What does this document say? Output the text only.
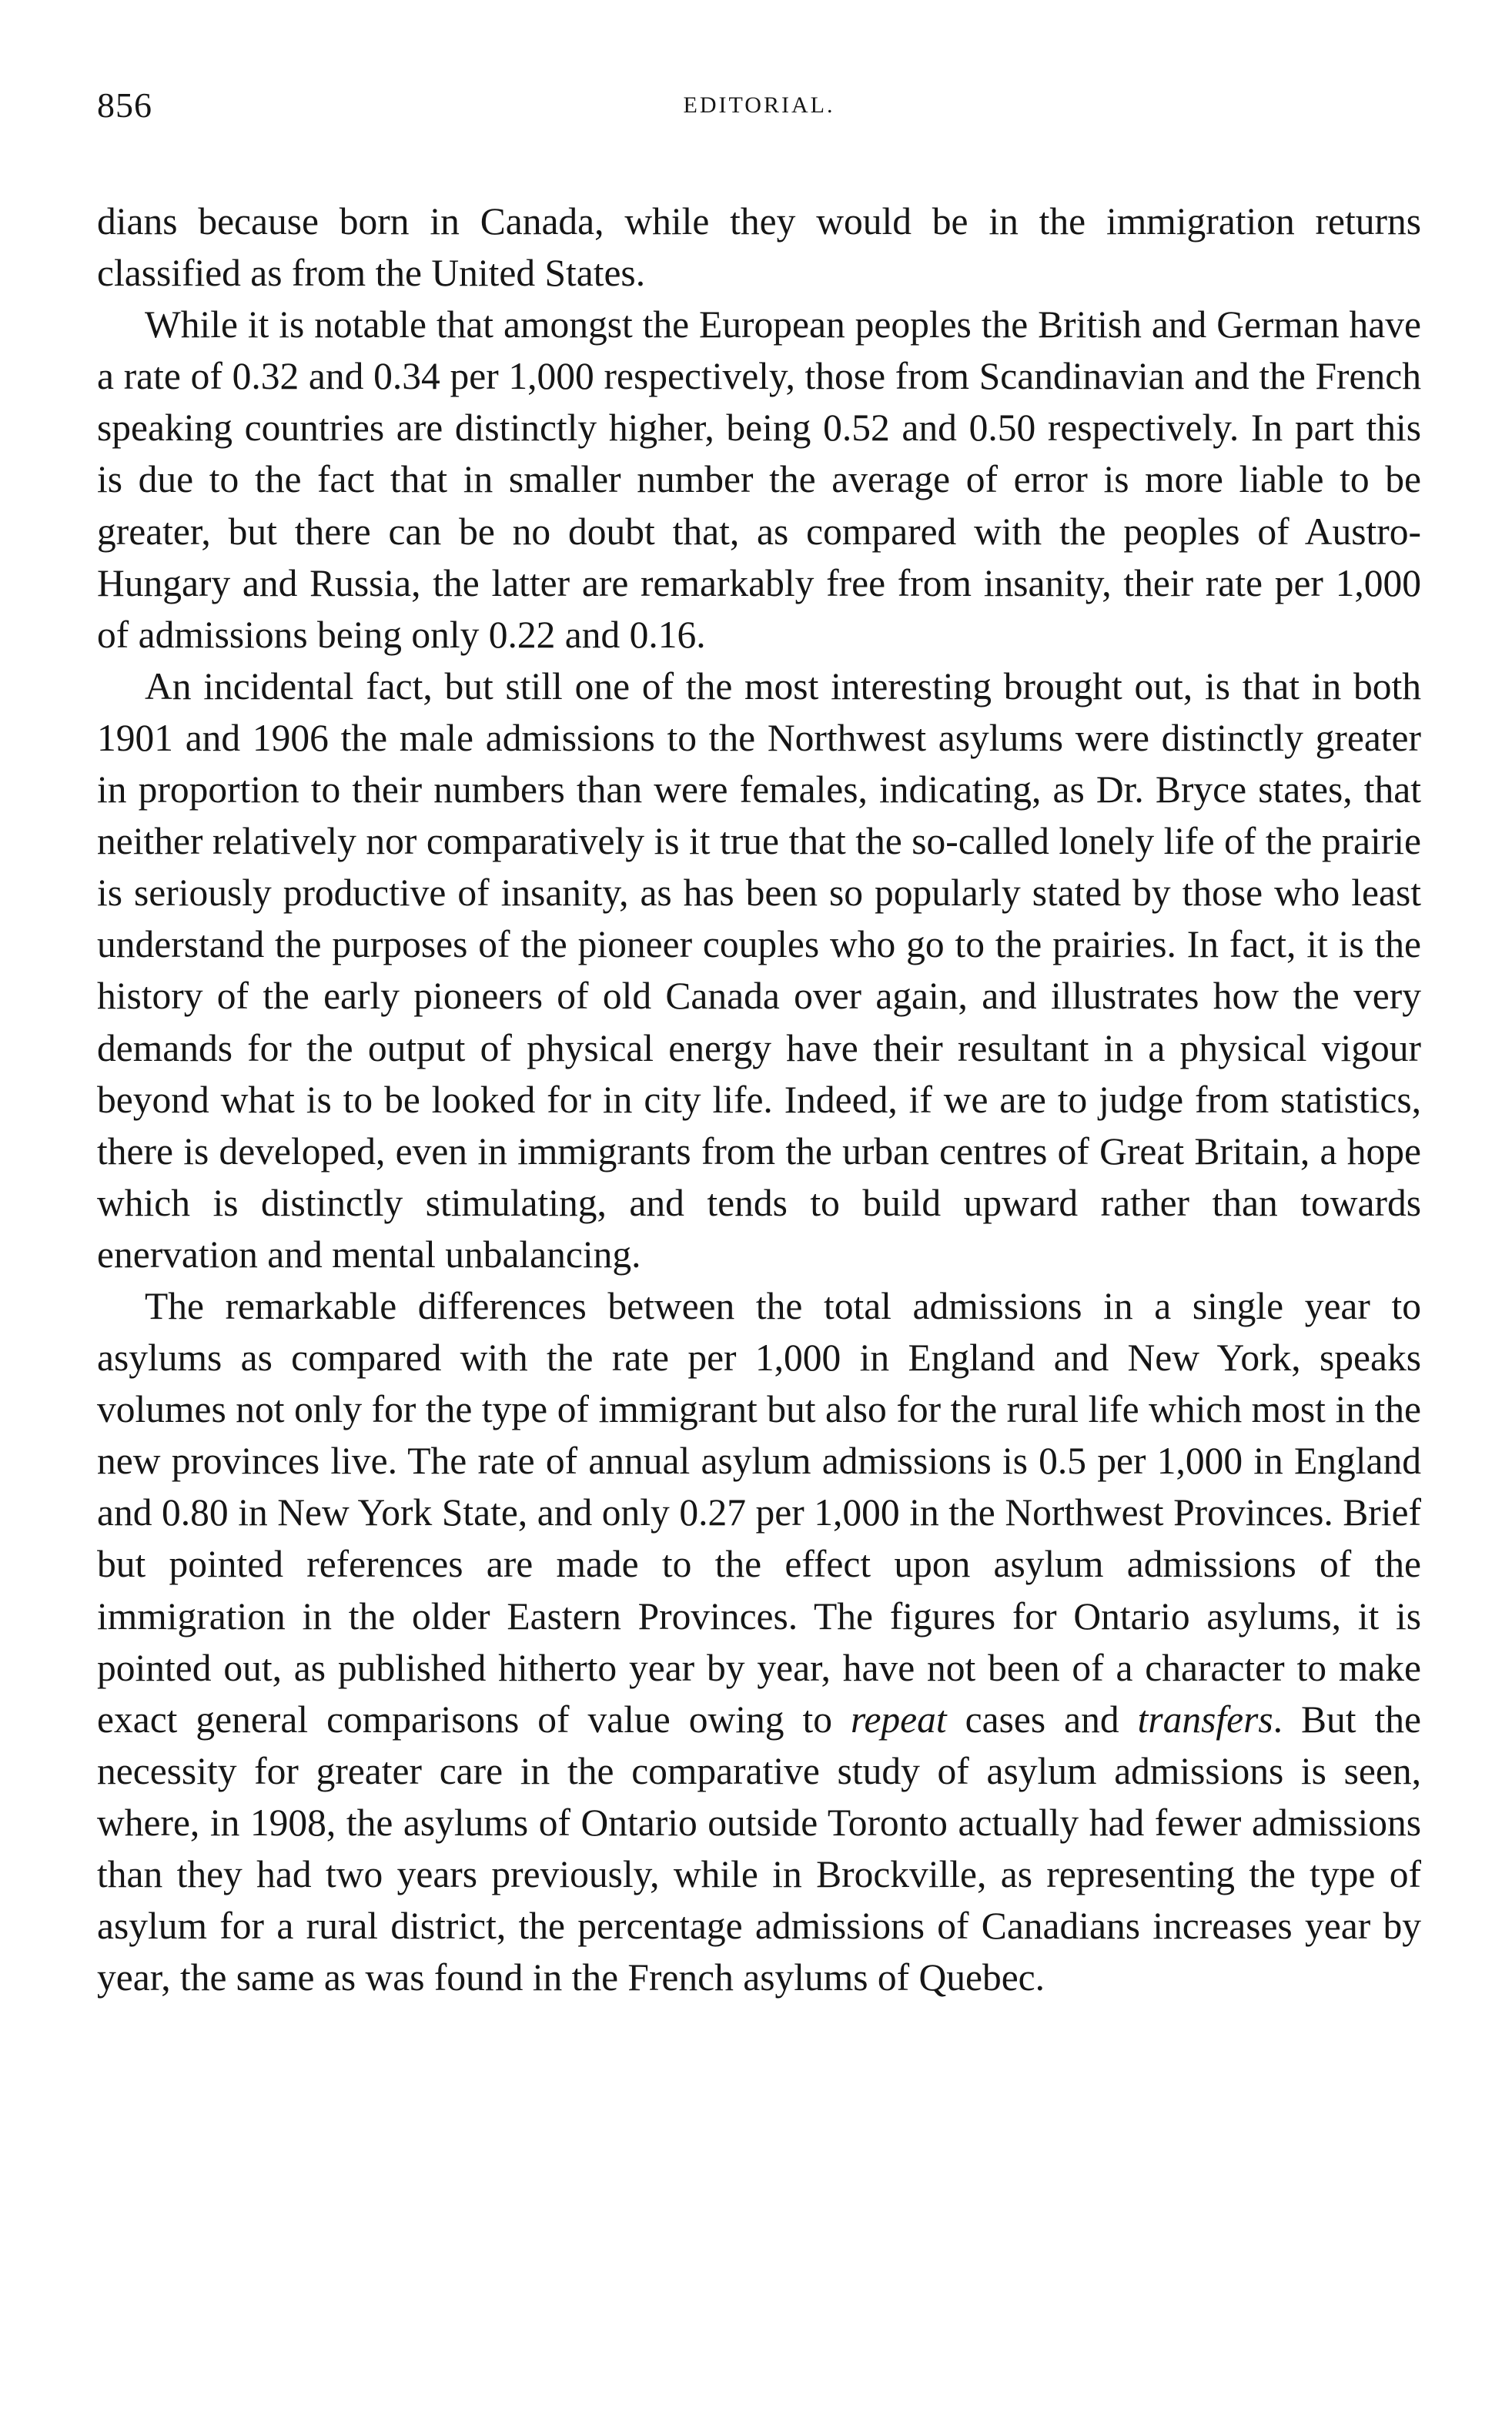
856	EDITORIAL.

dians because born in Canada, while they would be in the immigration returns classified as from the United States.

While it is notable that amongst the European peoples the British and German have a rate of 0.32 and 0.34 per 1,000 respectively, those from Scandinavian and the French speaking countries are distinctly higher, being 0.52 and 0.50 respectively. In part this is due to the fact that in smaller number the average of error is more liable to be greater, but there can be no doubt that, as compared with the peoples of Austro-Hungary and Russia, the latter are remarkably free from insanity, their rate per 1,000 of admissions being only 0.22 and 0.16.

An incidental fact, but still one of the most interesting brought out, is that in both 1901 and 1906 the male admissions to the Northwest asylums were distinctly greater in proportion to their numbers than were females, indicating, as Dr. Bryce states, that neither relatively nor comparatively is it true that the so-called lonely life of the prairie is seriously productive of insanity, as has been so popularly stated by those who least understand the purposes of the pioneer couples who go to the prairies. In fact, it is the history of the early pioneers of old Canada over again, and illustrates how the very demands for the output of physical energy have their resultant in a physical vigour beyond what is to be looked for in city life. Indeed, if we are to judge from statistics, there is developed, even in immigrants from the urban centres of Great Britain, a hope which is distinctly stimulating, and tends to build upward rather than towards enervation and mental unbalancing.

The remarkable differences between the total admissions in a single year to asylums as compared with the rate per 1,000 in England and New York, speaks volumes not only for the type of immigrant but also for the rural life which most in the new provinces live. The rate of annual asylum admissions is 0.5 per 1,000 in England and 0.80 in New York State, and only 0.27 per 1,000 in the Northwest Provinces. Brief but pointed references are made to the effect upon asylum admissions of the immigration in the older Eastern Provinces. The figures for Ontario asylums, it is pointed out, as published hitherto year by year, have not been of a character to make exact general comparisons of value owing to repeat cases and transfers. But the necessity for greater care in the comparative study of asylum admissions is seen, where, in 1908, the asylums of Ontario outside Toronto actually had fewer admissions than they had two years previously, while in Brockville, as representing the type of asylum for a rural district, the percentage admissions of Canadians increases year by year, the same as was found in the French asylums of Quebec.
